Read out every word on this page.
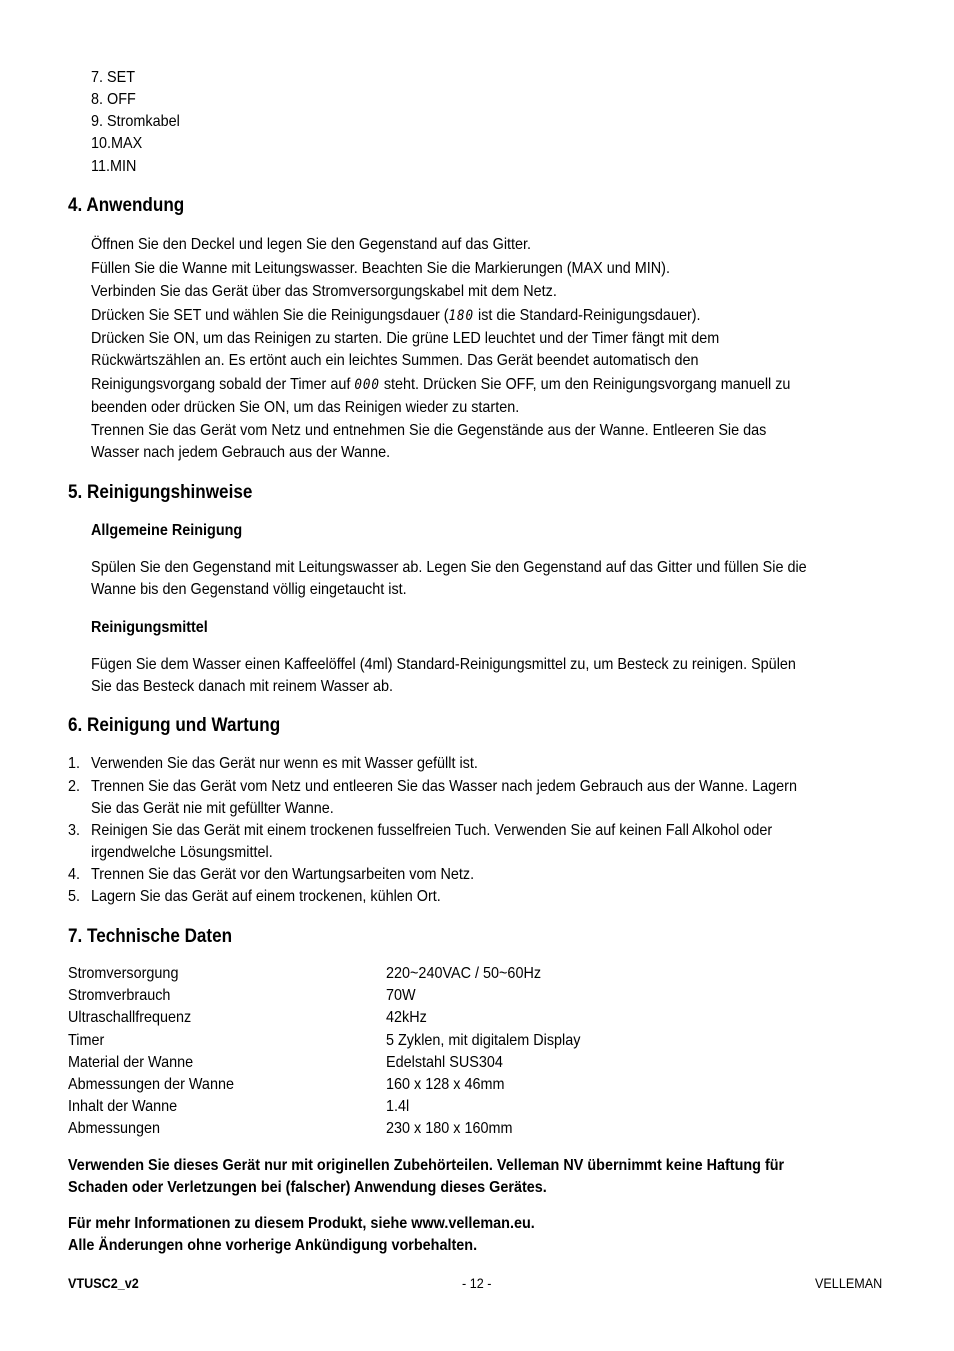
7. SET
8. OFF
9. Stromkabel
10.MAX
11.MIN
4. Anwendung
Öffnen Sie den Deckel und legen Sie den Gegenstand auf das Gitter.
Füllen Sie die Wanne mit Leitungswasser. Beachten Sie die Markierungen (MAX und MIN).
Verbinden Sie das Gerät über das Stromversorgungskabel mit dem Netz.
Drücken Sie SET und wählen Sie die Reinigungsdauer (180 ist die Standard-Reinigungsdauer).
Drücken Sie ON, um das Reinigen zu starten. Die grüne LED leuchtet und der Timer fängt mit dem
Rückwärtszählen an. Es ertönt auch ein leichtes Summen. Das Gerät beendet automatisch den
Reinigungsvorgang sobald der Timer auf 000 steht. Drücken Sie OFF, um den Reinigungsvorgang manuell zu
beenden oder drücken Sie ON, um das Reinigen wieder zu starten.
Trennen Sie das Gerät vom Netz und entnehmen Sie die Gegenstände aus der Wanne. Entleeren Sie das
Wasser nach jedem Gebrauch aus der Wanne.
5. Reinigungshinweise
Allgemeine Reinigung
Spülen Sie den Gegenstand mit Leitungswasser ab. Legen Sie den Gegenstand auf das Gitter und füllen Sie die
Wanne bis den Gegenstand völlig eingetaucht ist.
Reinigungsmittel
Fügen Sie dem Wasser einen Kaffeelöffel (4ml) Standard-Reinigungsmittel zu, um Besteck zu reinigen. Spülen
Sie das Besteck danach mit reinem Wasser ab.
6. Reinigung und Wartung
1. Verwenden Sie das Gerät nur wenn es mit Wasser gefüllt ist.
2. Trennen Sie das Gerät vom Netz und entleeren Sie das Wasser nach jedem Gebrauch aus der Wanne. Lagern
Sie das Gerät nie mit gefüllter Wanne.
3. Reinigen Sie das Gerät mit einem trockenen fusselfreien Tuch. Verwenden Sie auf keinen Fall Alkohol oder
irgendwelche Lösungsmittel.
4. Trennen Sie das Gerät vor den Wartungsarbeiten vom Netz.
5. Lagern Sie das Gerät auf einem trockenen, kühlen Ort.
7. Technische Daten
Stromversorgung	220~240VAC / 50~60Hz
Stromverbrauch	70W
Ultraschallfrequenz	42kHz
Timer	5 Zyklen, mit digitalem Display
Material der Wanne	Edelstahl SUS304
Abmessungen der Wanne	160 x 128 x 46mm
Inhalt der Wanne	1.4l
Abmessungen	230 x 180 x 160mm
Verwenden Sie dieses Gerät nur mit originellen Zubehörteilen. Velleman NV übernimmt keine Haftung für
Schaden oder Verletzungen bei (falscher) Anwendung dieses Gerätes.
Für mehr Informationen zu diesem Produkt, siehe www.velleman.eu.
Alle Änderungen ohne vorherige Ankündigung vorbehalten.
VTUSC2_v2	- 12 -	VELLEMAN
